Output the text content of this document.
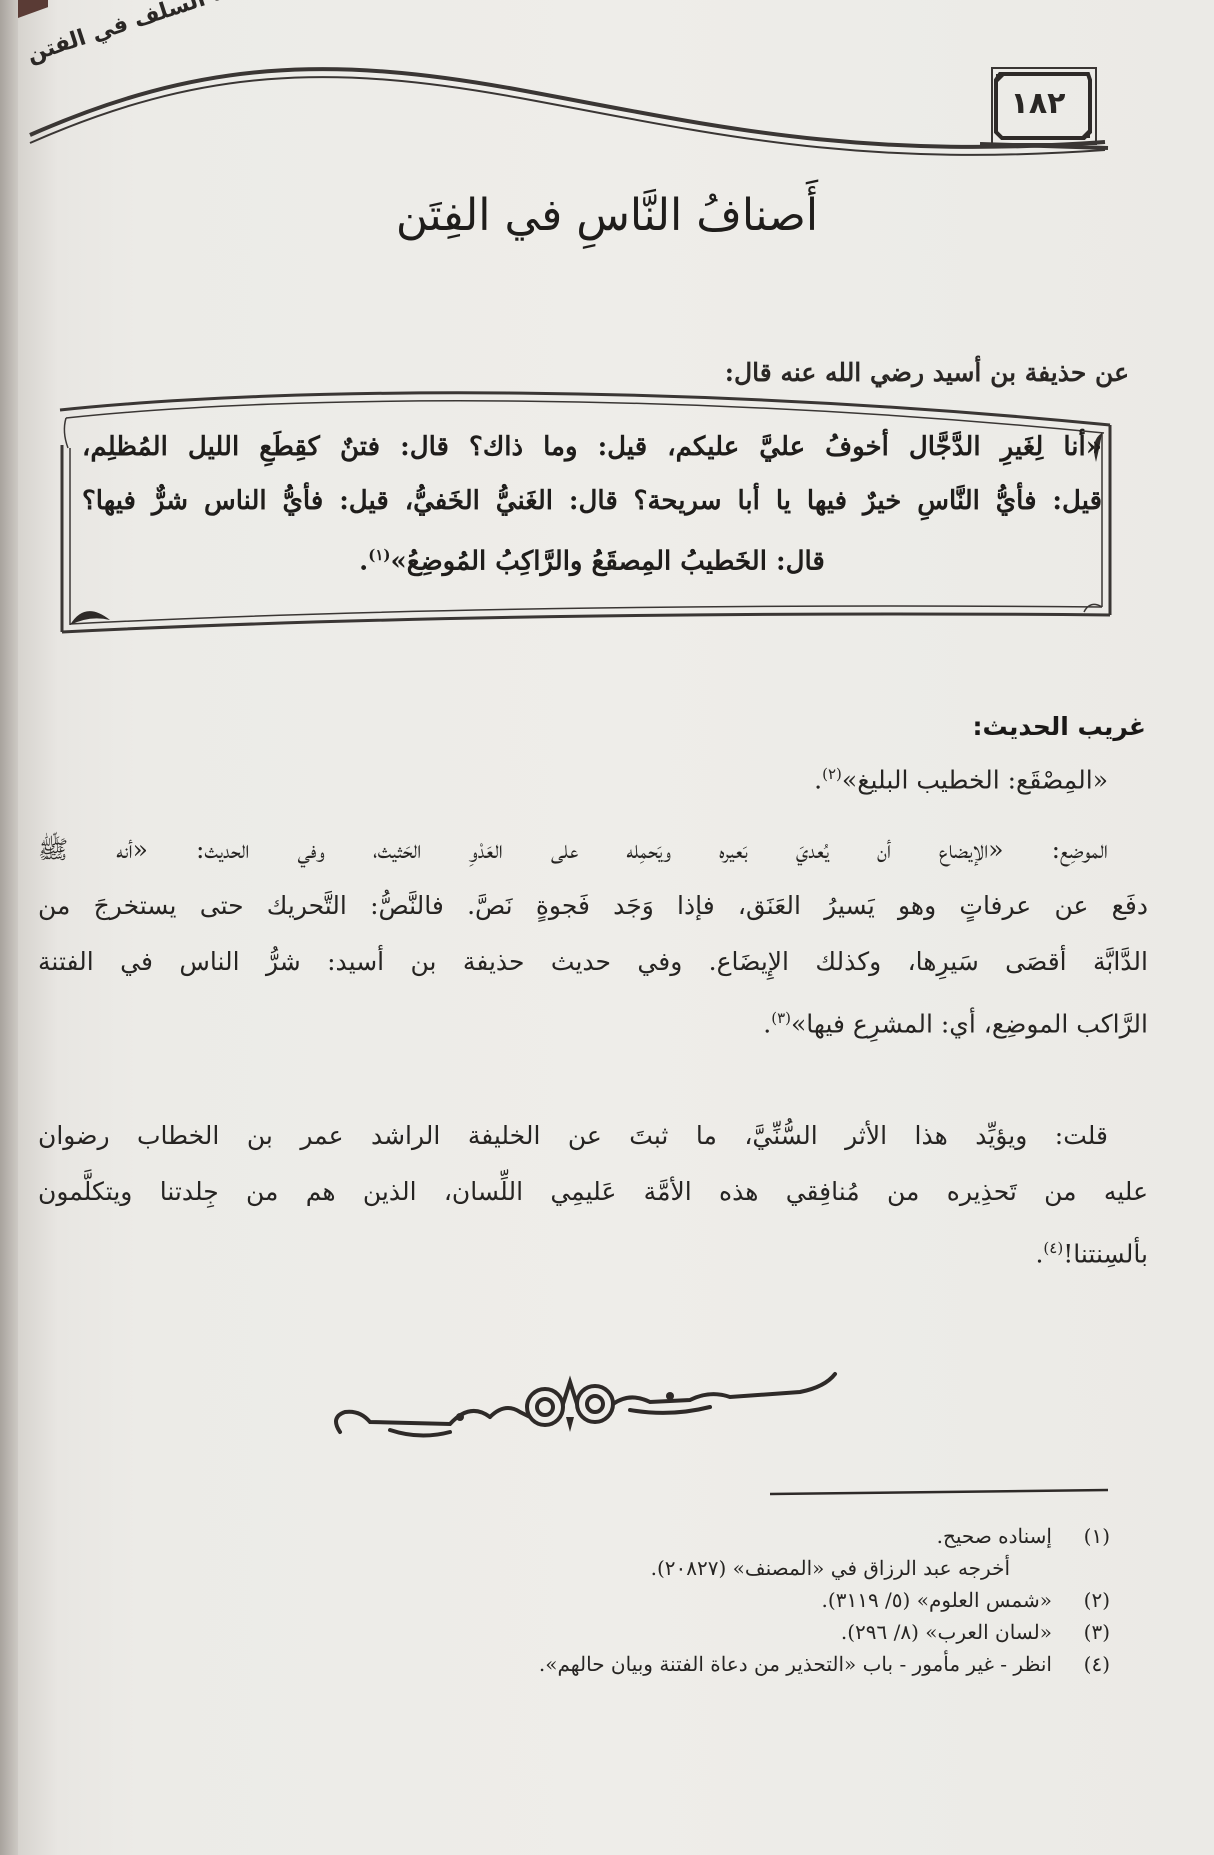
١٨٢
أَصنافُ النَّاسِ في الفِتَن
عن حذيفة بن أسيد رضي الله عنه قال:
«أنا لِغَيرِ الدَّجَّال أخوفُ عليَّ عليكم، قيل: وما ذاك؟ قال: فتنٌ كقِطَعِ الليل المُظلِم،
قيل: فأيُّ النَّاسِ خيرٌ فيها يا أبا سريحة؟ قال: الغَنيُّ الخَفيُّ، قيل: فأيُّ الناس شرٌّ فيها؟
قال: الخَطيبُ المِصقَعُ والرَّاكِبُ المُوضِعُ»$^{(١)}$.
غريب الحديث:
«المِصْقَع: الخطيب البليغ»$^{(٢)}$.
الموضِع: «الإيضاع أن يُعديَ بَعيره ويَحمِله على العَدْوِ الحَثيث، وفي الحديث: «أنه ﷺ
دفَع عن عرفاتٍ وهو يَسيرُ العَنَق، فإذا وَجَد فَجوةٍ نَصَّ. فالنَّصُّ: التَّحريك حتى يستخرجَ من
الدَّابَّة أقصَى سَيرِها، وكذلك الإِيضَاع. وفي حديث حذيفة بن أسيد: شرُّ الناس في الفتنة
الرَّاكب الموضِع، أي: المشرِع فيها»$^{(٣)}$.
قلت: ويؤيِّد هذا الأثر السُّنِّيَّ، ما ثبتَ عن الخليفة الراشد عمر بن الخطاب رضوان
عليه من تَحذِيره من مُنافِقي هذه الأمَّة عَليمِي اللِّسان، الذين هم من جِلدتنا ويتكلَّمون
بألسِنتنا!$^{(٤)}$.
(١)
إسناده صحيح.
أخرجه عبد الرزاق في «المصنف» (٢٠٨٢٧).
(٢)
«شمس العلوم» (٥/ ٣١١٩).
(٣)
«لسان العرب» (٨/ ٢٩٦).
(٤)
انظر - غير مأمور - باب «التحذير من دعاة الفتنة وبيان حالهم».
